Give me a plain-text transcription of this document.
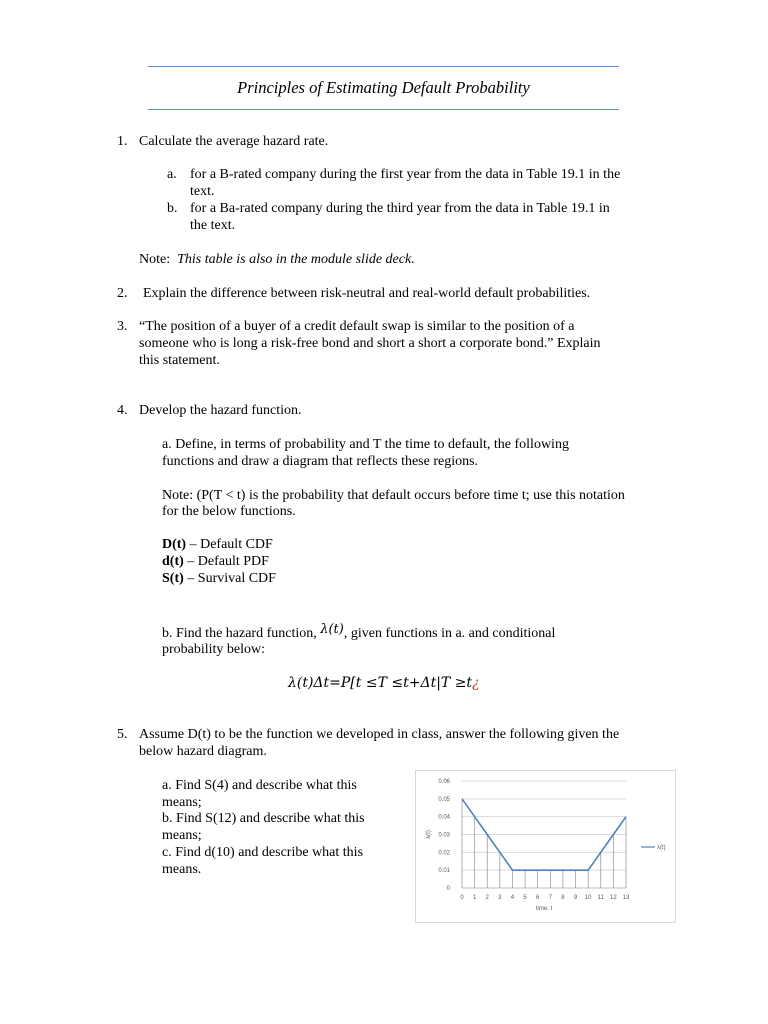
Principles of Estimating Default Probability
1. Calculate the average hazard rate.
a. for a B-rated company during the first year from the data in Table 19.1 in the
text.
b. for a Ba-rated company during the third year from the data in Table 19.1 in
the text.
Note: This table is also in the module slide deck.
2. Explain the difference between risk-neutral and real-world default probabilities.
3. “The position of a buyer of a credit default swap is similar to the position of a
someone who is long a risk-free bond and short a short a corporate bond.” Explain
this statement.
4. Develop the hazard function.
a. Define, in terms of probability and T the time to default, the following
functions and draw a diagram that reflects these regions.
Note: (P(T < t) is the probability that default occurs before time t; use this notation
for the below functions.
D(t) – Default CDF
d(t) – Default PDF
S(t) – Survival CDF
b. Find the hazard function, λ(t), given functions in a. and conditional
probability below:
λ(t)Δt=P[t ≤T ≤t+Δt|T ≥t¿
5. Assume D(t) to be the function we developed in class, answer the following given the
below hazard diagram.
a. Find S(4) and describe what this
means;
b. Find S(12) and describe what this
means;
c. Find d(10) and describe what this
means.
0
0.01
0.02
0.03
0.04
0.05
0.06
0 1 2 3 4 5 6 7 8 9 10 11 12 13
time, t
λ(t)
λ(t)
